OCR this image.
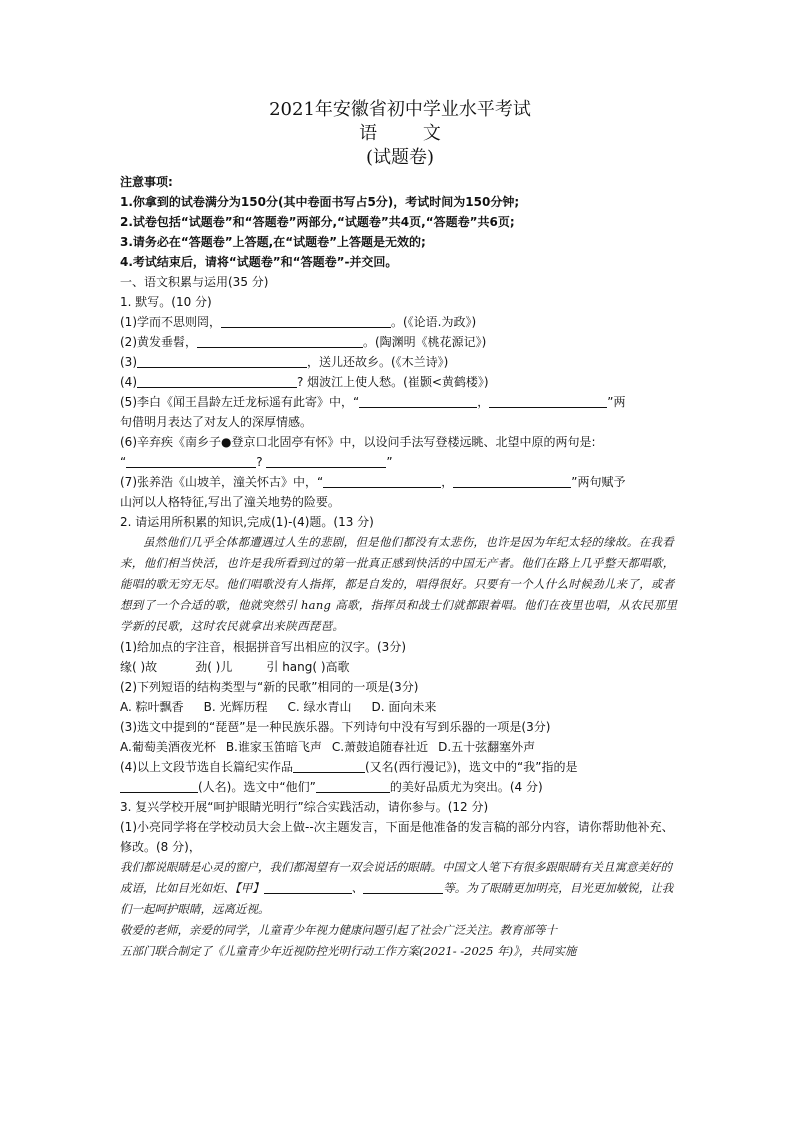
2021年安徽省初中学业水平考试
语 文
(试题卷)
注意事项:
1.你拿到的试卷满分为150分(其中卷面书写占5分)，考试时间为150分钟;
2.试卷包括“试题卷”和“答题卷”两部分,“试题卷”共4页,“答题卷”共6页;
3.请务必在“答题卷”上答题,在“试题卷”上答题是无效的;
4.考试结束后，请将“试题卷”和“答题卷”-并交回。
一、语文积累与运用(35 分)
1. 默写。(10 分)
(1)学而不思则罔，	。(《论语.为政》)
(2)黄发垂髫，	。(陶渊明《桃花源记》)
(3)	，送儿还故乡。(《木兰诗》)
(4)	? 烟波江上使人愁。(崔颢<黄鹤楼》)
(5)李白《闻王昌龄左迁龙标遥有此寄》中，“	，	”两
句借明月表达了对友人的深厚情感。
(6)辛弃疾《南乡子●登京口北固亭有怀》中，以设问手法写登楼远眺、北望中原的两句是:
“	?	”
(7)张养浩《山坡羊，潼关怀古》中，“	，	”两句赋予
山河以人格特征,写出了潼关地势的险要。
2. 请运用所积累的知识,完成(1)-(4)题。(13 分)
虽然他们几乎全体都遭遇过人生的悲剧，但是他们都没有太悲伤，也许是因为年纪太轻的缘故。在我看来，他们相当快活，也许是我所看到过的第一批真正感到快活的中国无产者。他们在路上几乎整天都唱歌，能唱的歌无穷无尽。他们唱歌没有人指挥，都是自发的，唱得很好。只要有一个人什么时候劲儿来了，或者想到了一个合适的歌，他就突然引 hang 高歌，指挥员和战士们就都跟着唱。他们在夜里也唱，从农民那里学新的民歌，这时农民就拿出来陕西琵琶。
(1)给加点的字注音，根据拼音写出相应的汉字。(3分)
缘( )故	劲( )儿	引 hang( )高歌
(2)下列短语的结构类型与“新的民歌”相同的一项是(3分)
A. 粽叶飘香 B. 光辉历程 C. 绿水青山 D. 面向未来
(3)选文中提到的“琵琶”是一种民族乐器。下列诗句中没有写到乐器的一项是(3分)
A.葡萄美酒夜光杯 B.谁家玉笛暗飞声 C.萧鼓追随春社近 D.五十弦翻塞外声
(4)以上文段节选自长篇纪实作品	(又名(西行漫记》)，选文中的“我”指的是
(人名)。选文中“他们”	的美好品质尤为突出。(4 分)
3. 复兴学校开展“呵护眼睛光明行”综合实践活动，请你参与。(12 分)
(1)小亮同学将在学校动员大会上做--次主题发言，下面是他准备的发言稿的部分内容，请你帮助他补充、修改。(8 分)，
我们都说眼睛是心灵的窗户，我们都渴望有一双会说话的眼睛。中国文人笔下有很多跟眼睛有关且寓意美好的成语，比如目光如炬、【甲】	、	等。为了眼睛更加明亮，目光更加敏锐，让我们一起呵护眼睛，远离近视。
敬爱的老师，亲爱的同学，儿童青少年视力健康问题引起了社会广泛关注。教育部等十
五部门联合制定了《儿童青少年近视防控光明行动工作方案(2021- -2025 年)》，共同实施
